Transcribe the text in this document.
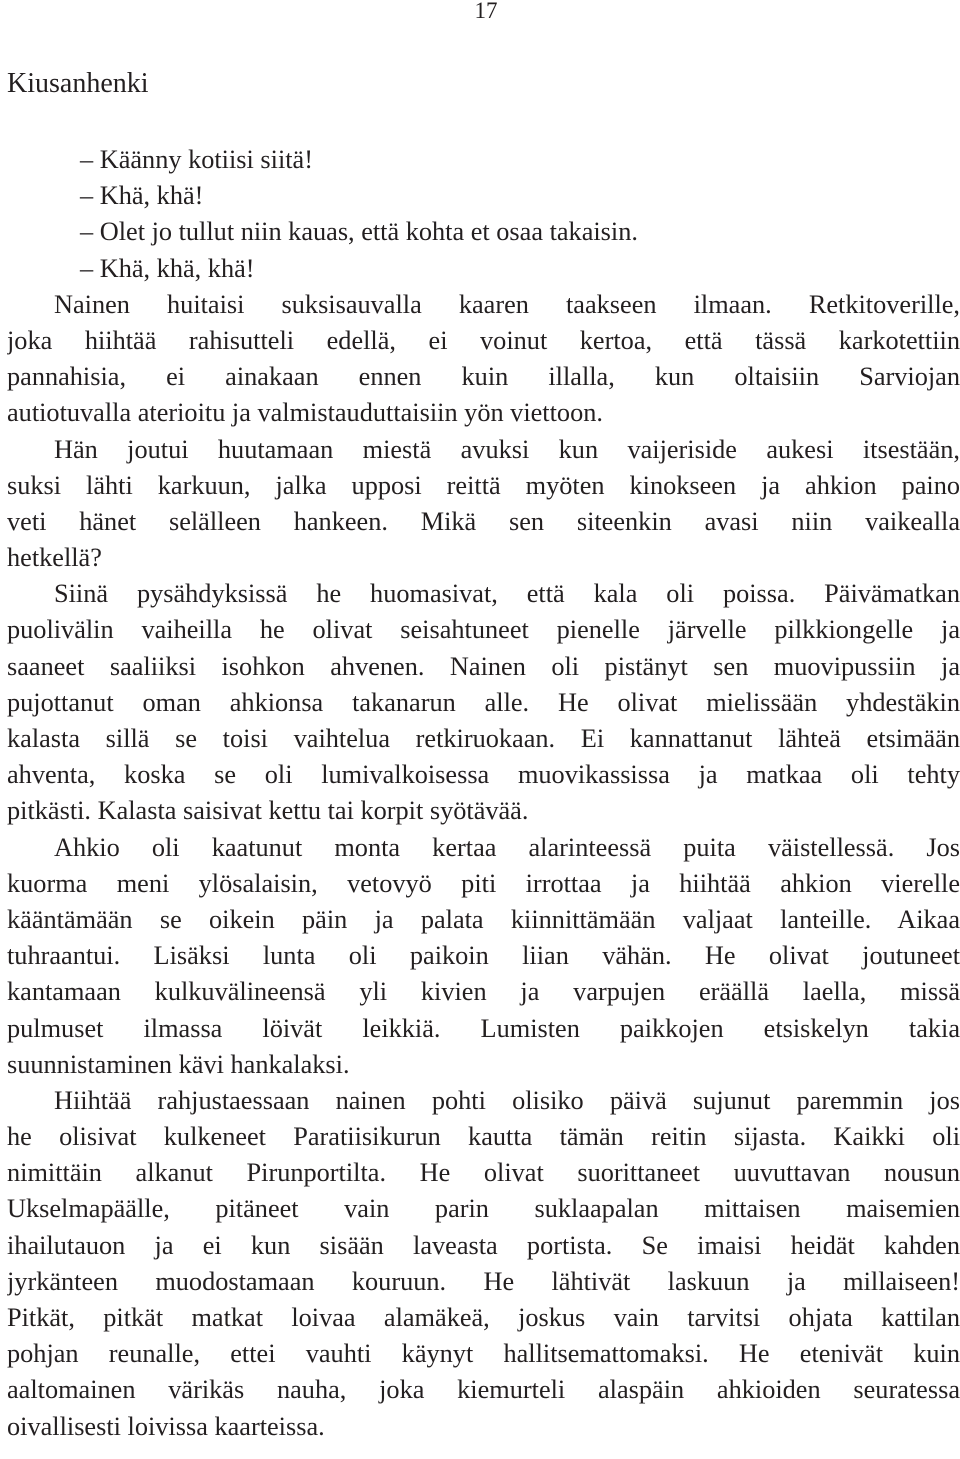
17
Kiusanhenki
– Käänny kotiisi siitä!
– Khä, khä!
– Olet jo tullut niin kauas, että kohta et osaa takaisin.
– Khä, khä, khä!
Nainen huitaisi suksisauvalla kaaren taakseen ilmaan. Retkitoverille,
joka hiihtää rahisutteli edellä, ei voinut kertoa, että tässä karkotettiin
pannahisia, ei ainakaan ennen kuin illalla, kun oltaisiin Sarviojan
autiotuvalla aterioitu ja valmistauduttaisiin yön viettoon.
Hän joutui huutamaan miestä avuksi kun vaijeriside aukesi itsestään,
suksi lähti karkuun, jalka upposi reittä myöten kinokseen ja ahkion paino
veti hänet selälleen hankeen. Mikä sen siteenkin avasi niin vaikealla
hetkellä?
Siinä pysähdyksissä he huomasivat, että kala oli poissa. Päivämatkan
puolivälin vaiheilla he olivat seisahtuneet pienelle järvelle pilkkiongelle ja
saaneet saaliiksi isohkon ahvenen. Nainen oli pistänyt sen muovipussiin ja
pujottanut oman ahkionsa takanarun alle. He olivat mielissään yhdestäkin
kalasta sillä se toisi vaihtelua retkiruokaan. Ei kannattanut lähteä etsimään
ahventa, koska se oli lumivalkoisessa muovikassissa ja matkaa oli tehty
pitkästi. Kalasta saisivat kettu tai korpit syötävää.
Ahkio oli kaatunut monta kertaa alarinteessä puita väistellessä. Jos
kuorma meni ylösalaisin, vetovyö piti irrottaa ja hiihtää ahkion vierelle
kääntämään se oikein päin ja palata kiinnittämään valjaat lanteille. Aikaa
tuhraantui. Lisäksi lunta oli paikoin liian vähän. He olivat joutuneet
kantamaan kulkuvälineensä yli kivien ja varpujen eräällä laella, missä
pulmuset ilmassa löivät leikkiä. Lumisten paikkojen etsiskelyn takia
suunnistaminen kävi hankalaksi.
Hiihtää rahjustaessaan nainen pohti olisiko päivä sujunut paremmin jos
he olisivat kulkeneet Paratiisikurun kautta tämän reitin sijasta. Kaikki oli
nimittäin alkanut Pirunportilta. He olivat suorittaneet uuvuttavan nousun
Ukselmapäälle, pitäneet vain parin suklaapalan mittaisen maisemien
ihailutauon ja ei kun sisään laveasta portista. Se imaisi heidät kahden
jyrkänteen muodostamaan kouruun. He lähtivät laskuun ja millaiseen!
Pitkät, pitkät matkat loivaa alamäkeä, joskus vain tarvitsi ohjata kattilan
pohjan reunalle, ettei vauhti käynyt hallitsemattomaksi. He etenivät kuin
aaltomainen värikäs nauha, joka kiemurteli alaspäin ahkioiden seuratessa
oivallisesti loivissa kaarteissa.
